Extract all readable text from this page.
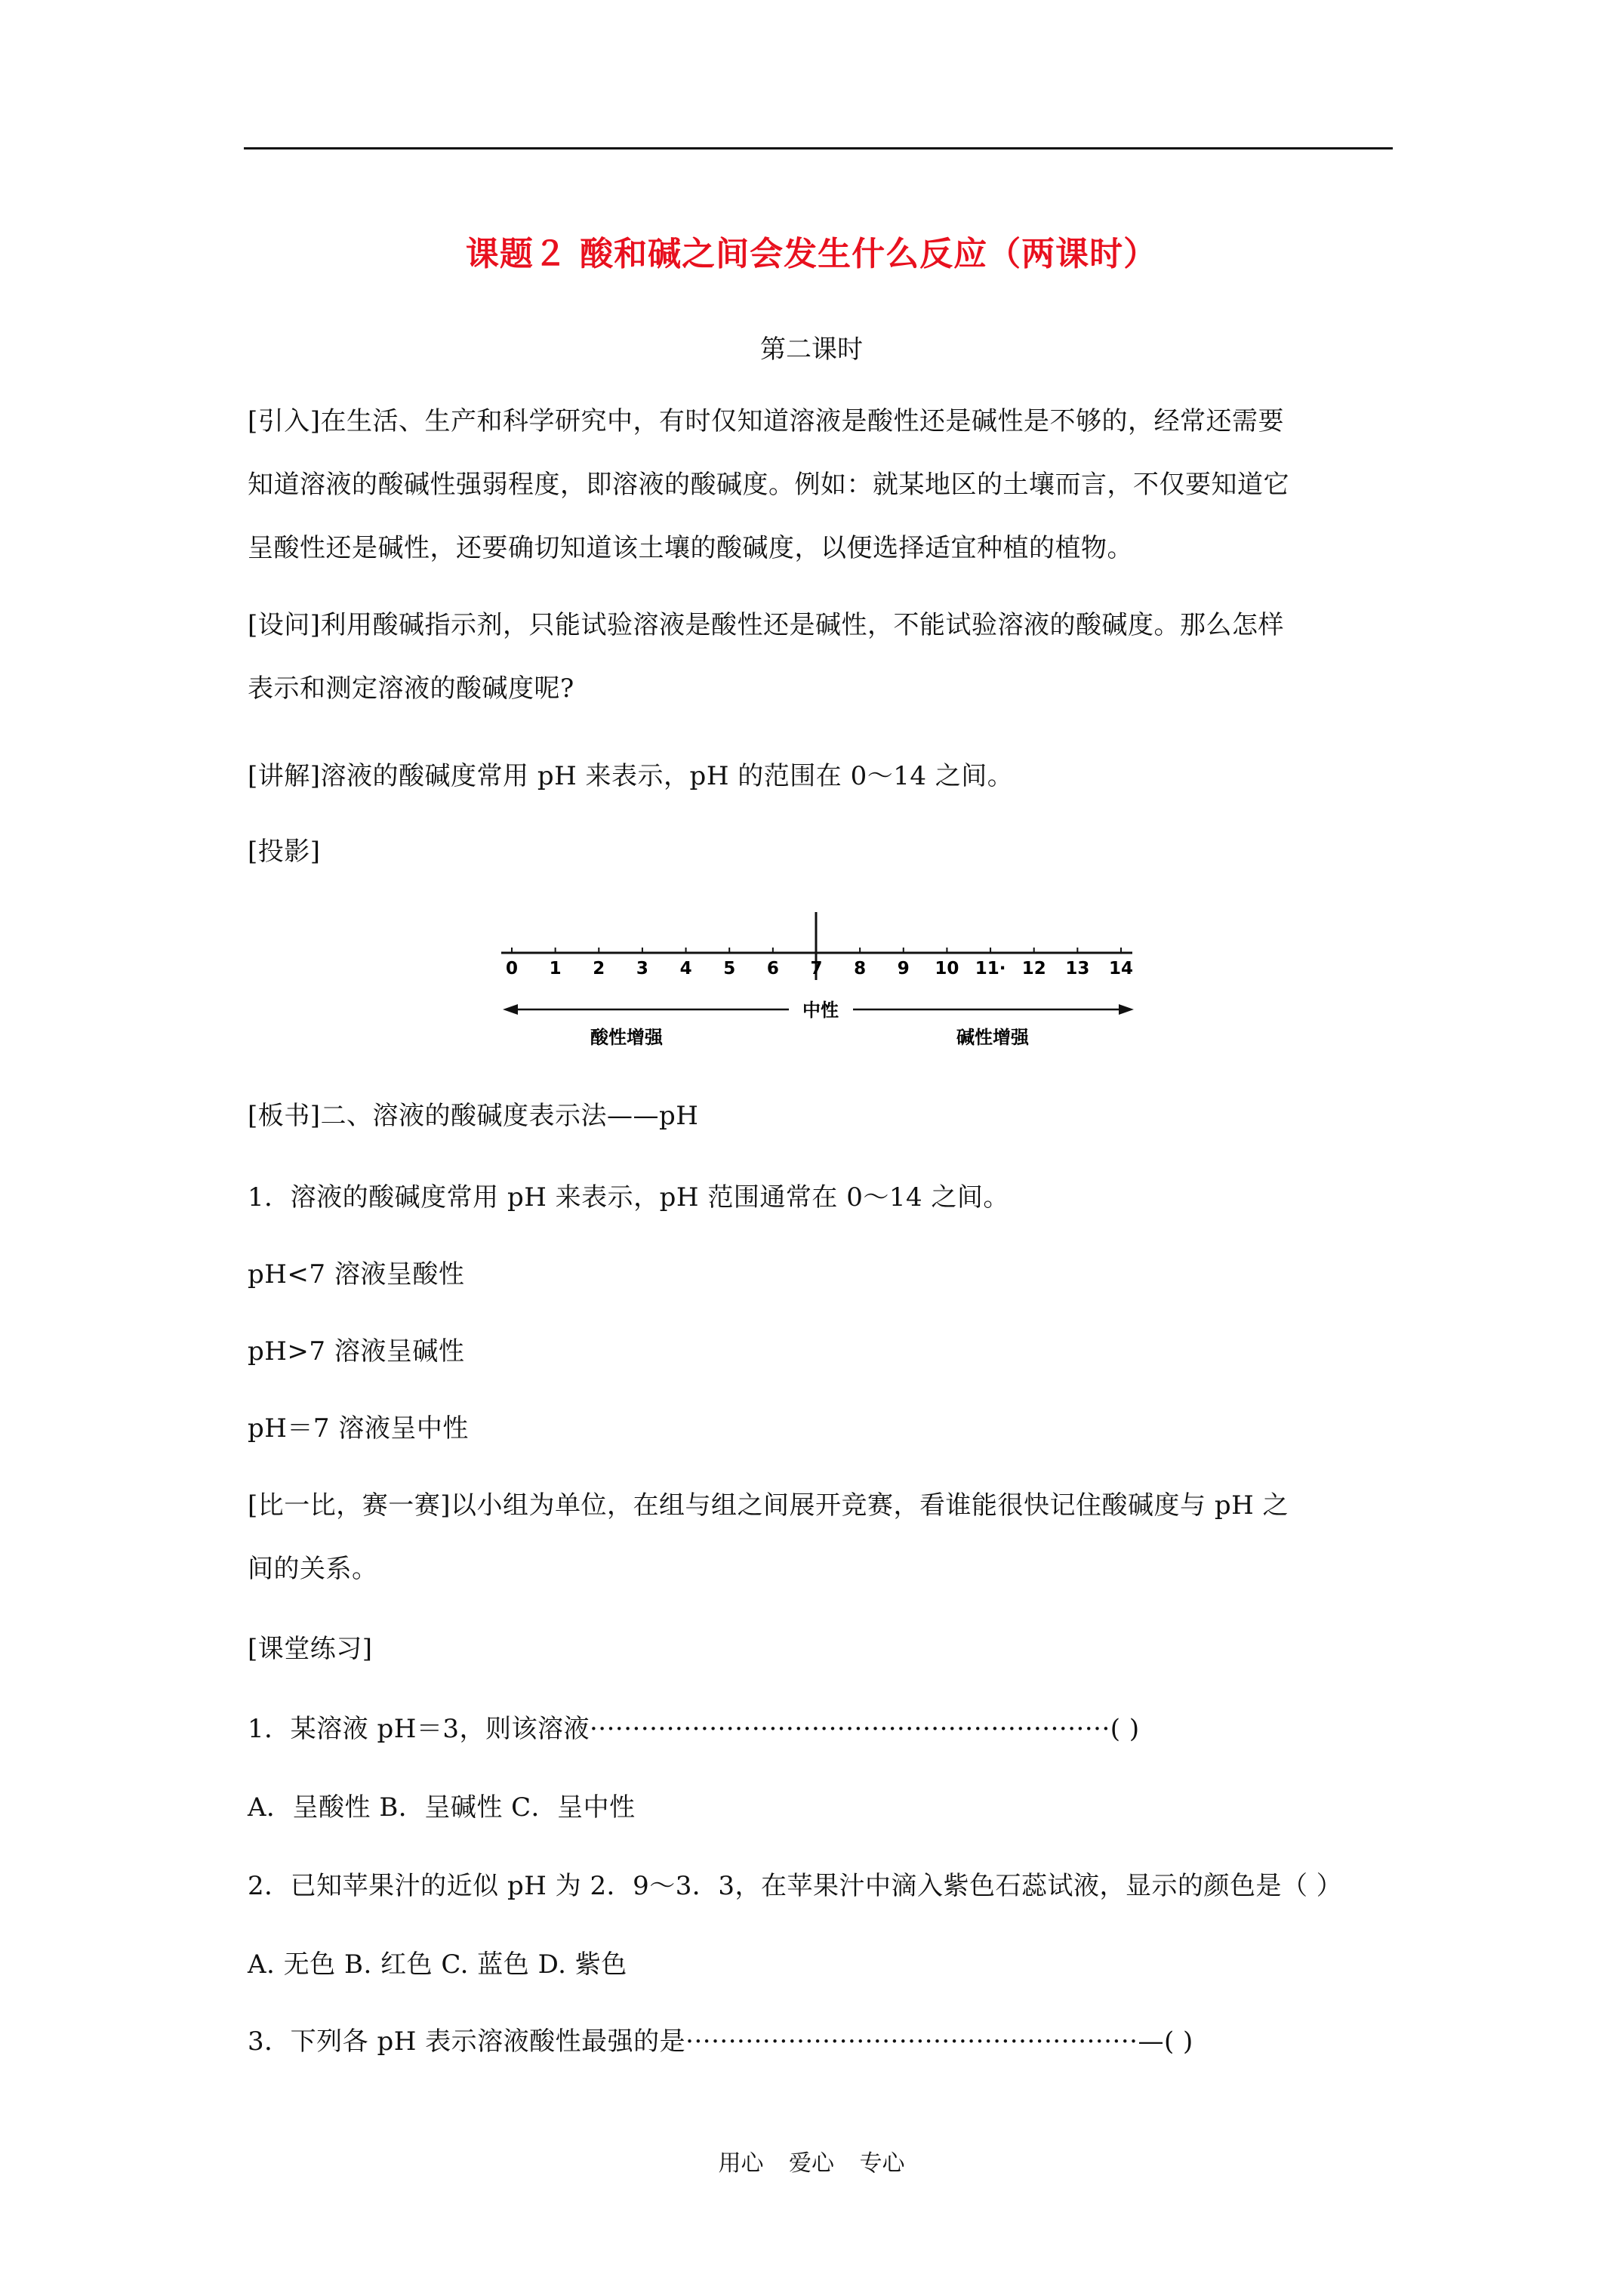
课题２ 酸和碱之间会发生什么反应（两课时）
第二课时
[引入]在生活、生产和科学研究中，有时仅知道溶液是酸性还是碱性是不够的，经常还需要
知道溶液的酸碱性强弱程度，即溶液的酸碱度。例如：就某地区的土壤而言，不仅要知道它
呈酸性还是碱性，还要确切知道该土壤的酸碱度，以便选择适宜种植的植物。
[设问]利用酸碱指示剂，只能试验溶液是酸性还是碱性，不能试验溶液的酸碱度。那么怎样
表示和测定溶液的酸碱度呢?
[讲解]溶液的酸碱度常用 pH 来表示，pH 的范围在 0～14 之间。
[投影]
0 1 2 3 4 5 6 7 8 9 10 11· 12 13 14
中性
酸性增强	碱性增强
[板书]二、溶液的酸碱度表示法——pH
1．溶液的酸碱度常用 pH 来表示，pH 范围通常在 0～14 之间。
pH<7 溶液呈酸性
pH>7 溶液呈碱性
pH＝7 溶液呈中性
[比一比，赛一赛]以小组为单位，在组与组之间展开竞赛，看谁能很快记住酸碱度与 pH 之
间的关系。
[课堂练习]
1．某溶液 pH＝3，则该溶液·····························································( )
A．呈酸性 B．呈碱性 C．呈中性
2．已知苹果汁的近似 pH 为 2．9～3．3，在苹果汁中滴入紫色石蕊试液，显示的颜色是（ ）
A. 无色 B. 红色 C. 蓝色 D. 紫色
3．下列各 pH 表示溶液酸性最强的是·····················································—( )
用心 爱心 专心
